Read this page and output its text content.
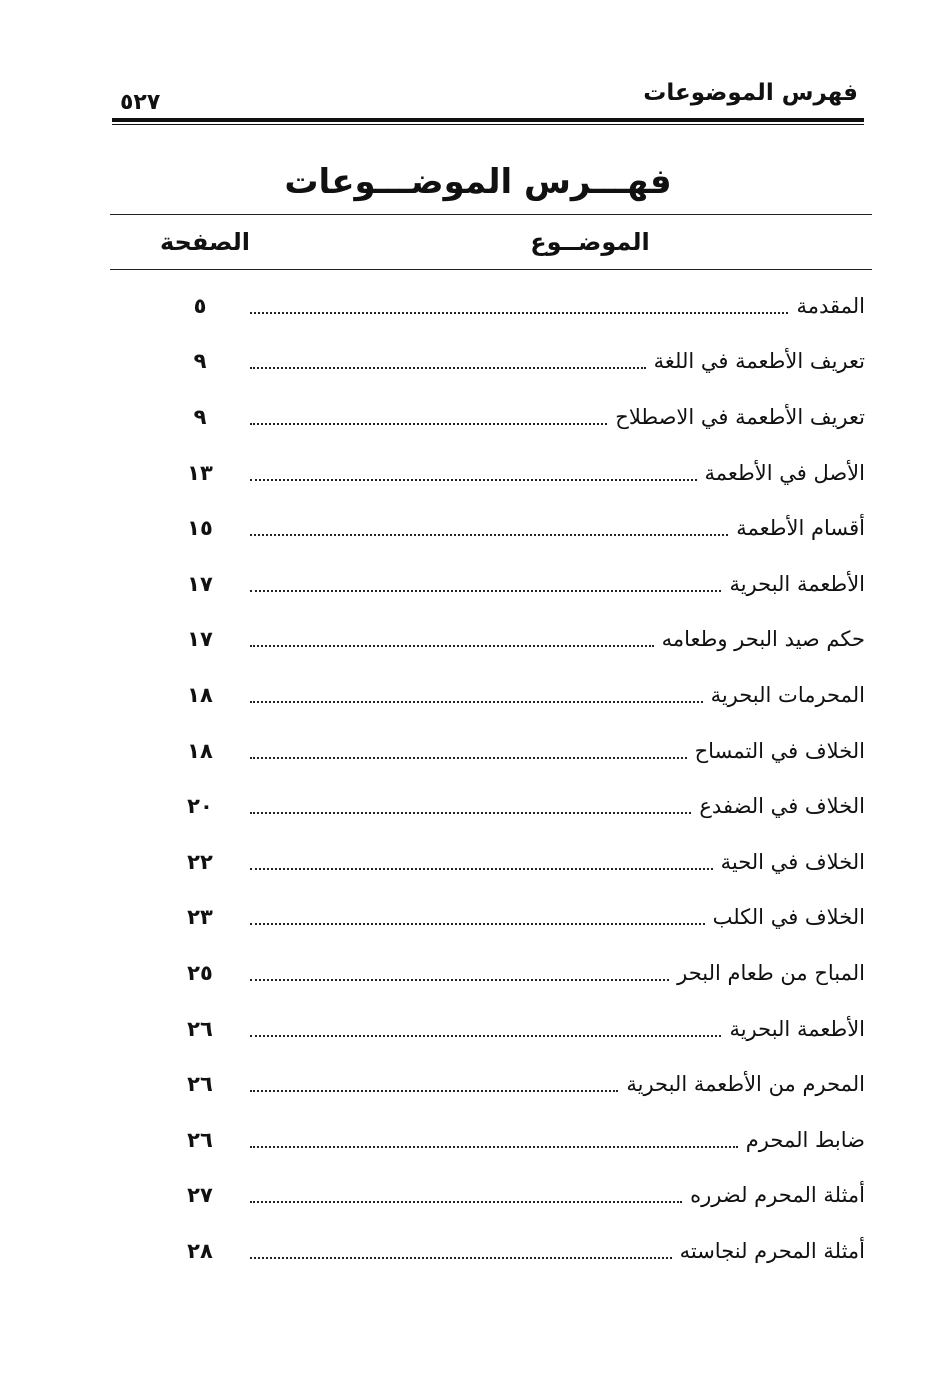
فهرس الموضوعات
٥٢٧
فهـــرس الموضـــوعات
الموضــوع
الصفحة
المقدمة
٥
تعريف الأطعمة في اللغة
٩
تعريف الأطعمة في الاصطلاح
٩
الأصل في الأطعمة
١٣
أقسام الأطعمة
١٥
الأطعمة البحرية
١٧
حكم صيد البحر وطعامه
١٧
المحرمات البحرية
١٨
الخلاف في التمساح
١٨
الخلاف في الضفدع
٢٠
الخلاف في الحية
٢٢
الخلاف في الكلب
٢٣
المباح من طعام البحر
٢٥
الأطعمة البحرية
٢٦
المحرم من الأطعمة البحرية
٢٦
ضابط المحرم
٢٦
أمثلة المحرم لضرره
٢٧
أمثلة المحرم لنجاسته
٢٨
